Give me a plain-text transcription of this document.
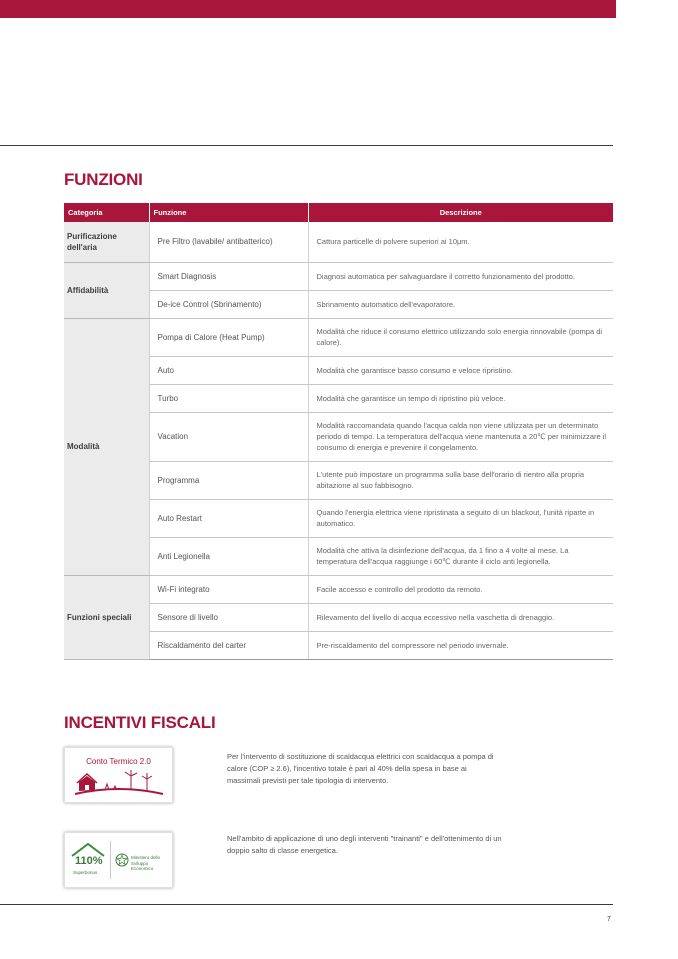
FUNZIONI
Categoria	Funzione	Descrizione
Purificazione dell'aria	Pre Filtro (lavabile/ antibatterico)	Cattura particelle di polvere superiori ai 10μm.
Affidabilità	Smart Diagnosis	Diagnosi automatica per salvaguardare il corretto funzionamento del prodotto.
	De-ice Control (Sbrinamento)	Sbrinamento automatico dell'evaporatore.
Modalità	Pompa di Calore (Heat Pump)	Modalità che riduce il consumo elettrico utilizzando solo energia rinnovabile (pompa di calore).
	Auto	Modalità che garantisce basso consumo e veloce ripristino.
	Turbo	Modalità che garantisce un tempo di ripristino più veloce.
	Vacation	Modalità raccomandata quando l'acqua calda non viene utilizzata per un determinato periodo di tempo. La temperatura dell'acqua viene mantenuta a 20℃ per minimizzare il consumo di energia e prevenire il congelamento.
	Programma	L'utente può impostare un programma sulla base dell'orario di rientro alla propria abitazione al suo fabbisogno.
	Auto Restart	Quando l'energia elettrica viene ripristinata a seguito di un blackout, l'unità riparte in automatico.
	Anti Legionella	Modalità che attiva la disinfezione dell'acqua, da 1 fino a 4 volte al mese. La temperatura dell'acqua raggiunge i 60℃ durante il ciclo anti legionella.
Funzioni speciali	Wi-Fi integrato	Facile accesso e controllo del prodotto da remoto.
	Sensore di livello	Rilevamento del livello di acqua eccessivo nella vaschetta di drenaggio.
	Riscaldamento del carter	Pre-riscaldamento del compressore nel periodo invernale.
INCENTIVI FISCALI
Conto Termico 2.0

Per l'intervento di sostituzione di scaldacqua elettrici con scaldacqua a pompa di calore (COP ≥ 2.6), l'incentivo totale è pari al 40% della spesa in base ai massimali previsti per tale tipologia di intervento.

110%
Superbonus
Ministero dello Sviluppo Economico

Nell'ambito di applicazione di uno degli interventi "trainanti" e dell'ottenimento di un doppio salto di classe energetica.

7
